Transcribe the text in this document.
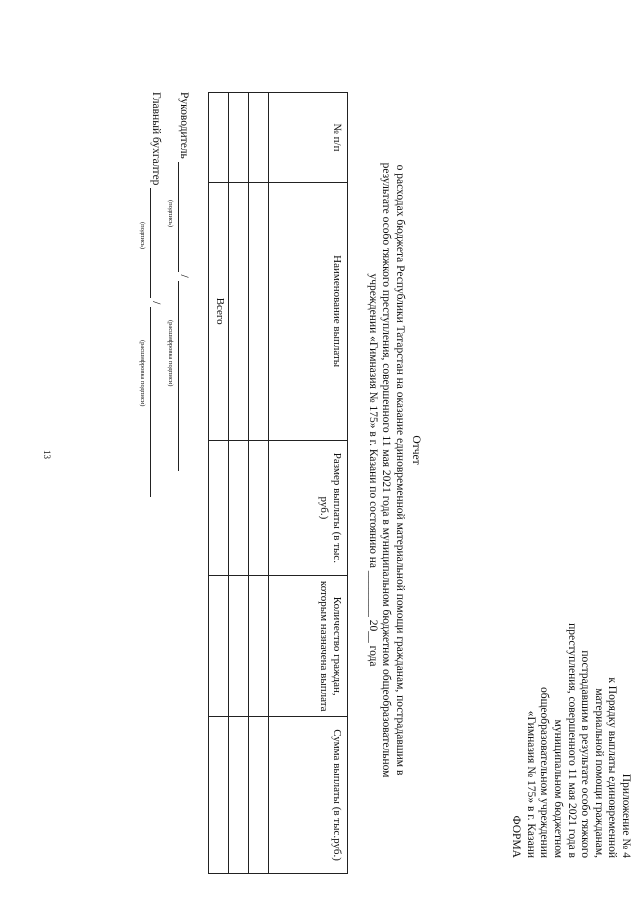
13
Приложение № 4
к Порядку выплаты единовременной
материальной помощи гражданам,
пострадавшим в результате особо тяжкого
преступления, совершенного 11 мая 2021 года в
муниципальном бюджетном
общеобразовательном учреждении
«Гимназия № 175» в г. Казани
ФОРМА
Отчет
о расходах бюджета Республики Татарстан на оказание единовременной материальной помощи гражданам, пострадавшим в
результате особо тяжкого преступления, совершенного 11 мая 2021 года в муниципальном бюджетном общеобразовательном
учреждении «Гимназия № 175» в г. Казани по состоянию на ________ 20__ года
№ п/п	Наименование выплаты	Размер выплаты (в тыс. руб.)	Количество граждан, которым назначена выплата	Сумма выплаты (в тыс.руб.)

	Всего			
Руководитель  /
(подпись)
(расшифровка подписи)
Главный бухгалтер  /
(подпись)
(расшифровка подписи)
